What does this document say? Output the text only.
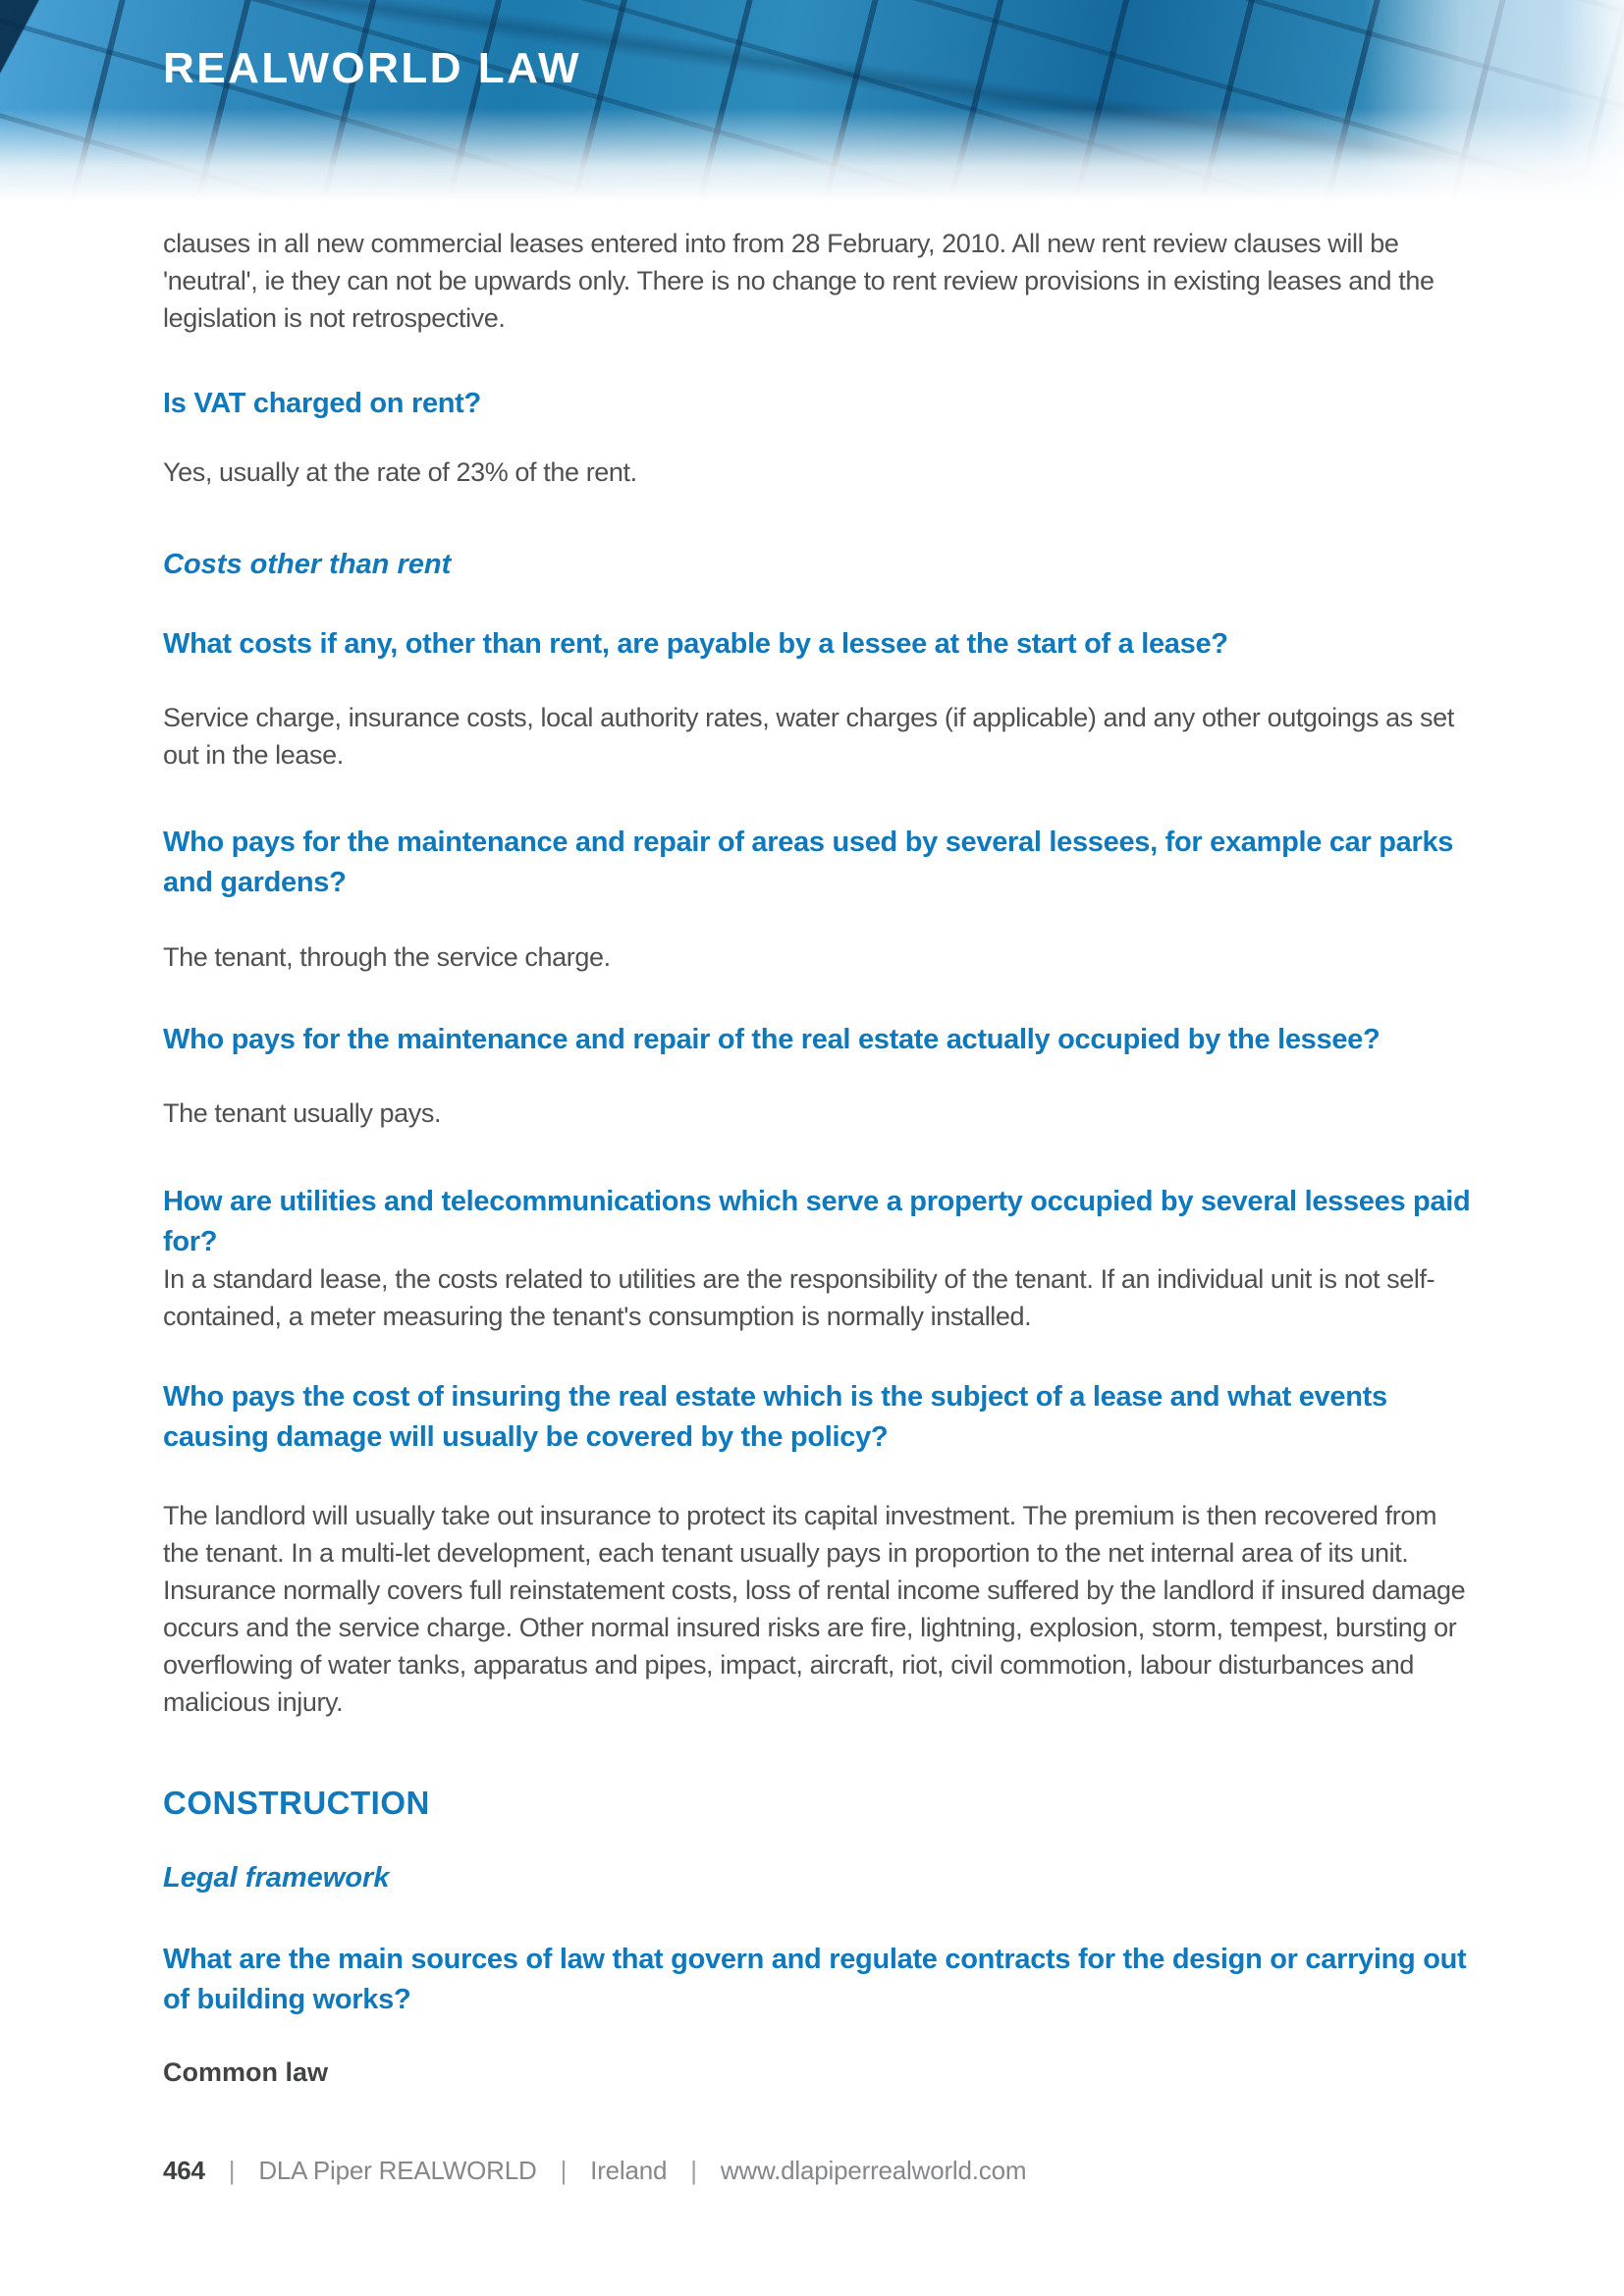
REALWORLD LAW

clauses in all new commercial leases entered into from 28 February, 2010. All new rent review clauses will be 'neutral', ie they can not be upwards only. There is no change to rent review provisions in existing leases and the legislation is not retrospective.

Is VAT charged on rent?

Yes, usually at the rate of 23% of the rent.

Costs other than rent
What costs if any, other than rent, are payable by a lessee at the start of a lease?

Service charge, insurance costs, local authority rates, water charges (if applicable) and any other outgoings as set out in the lease.

Who pays for the maintenance and repair of areas used by several lessees, for example car parks and gardens?

The tenant, through the service charge.

Who pays for the maintenance and repair of the real estate actually occupied by the lessee?

The tenant usually pays.

How are utilities and telecommunications which serve a property occupied by several lessees paid for?

In a standard lease, the costs related to utilities are the responsibility of the tenant. If an individual unit is not self-contained, a meter measuring the tenant's consumption is normally installed.

Who pays the cost of insuring the real estate which is the subject of a lease and what events causing damage will usually be covered by the policy?

The landlord will usually take out insurance to protect its capital investment. The premium is then recovered from the tenant. In a multi-let development, each tenant usually pays in proportion to the net internal area of its unit. Insurance normally covers full reinstatement costs, loss of rental income suffered by the landlord if insured damage occurs and the service charge. Other normal insured risks are fire, lightning, explosion, storm, tempest, bursting or overflowing of water tanks, apparatus and pipes, impact, aircraft, riot, civil commotion, labour disturbances and malicious injury.

CONSTRUCTION
Legal framework
What are the main sources of law that govern and regulate contracts for the design or carrying out of building works?

Common law

464 | DLA Piper REALWORLD | Ireland | www.dlapiperrealworld.com
